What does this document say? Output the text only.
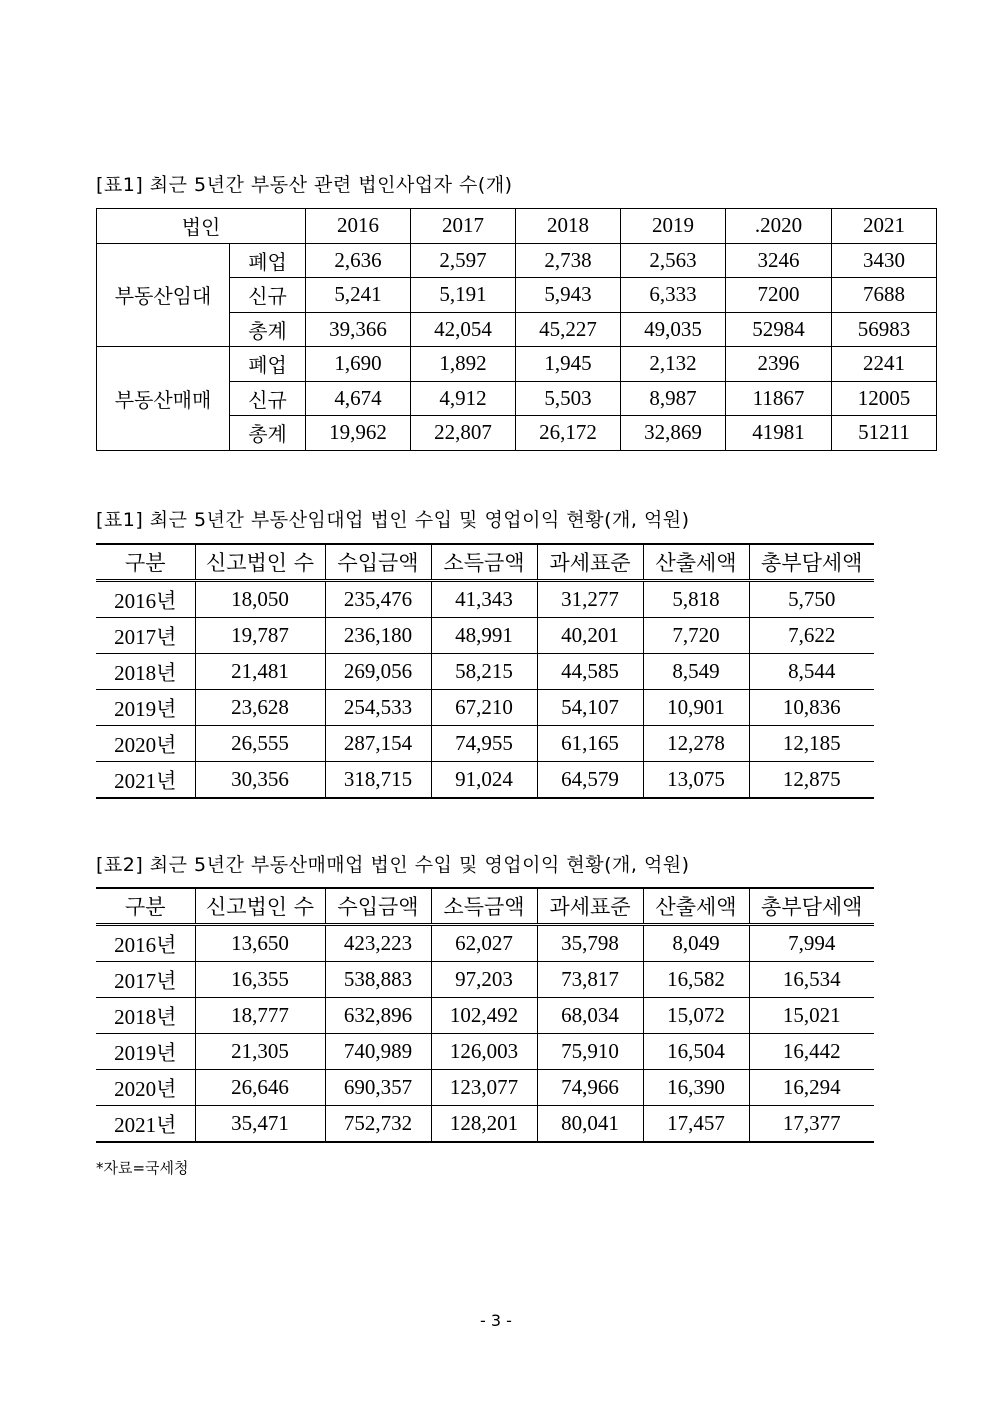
[표1] 최근 5년간 부동산 관련 법인사업자 수(개)
법인		2016	2017	2018	2019	.2020	2021
부동산임대	폐업	2,636	2,597	2,738	2,563	3246	3430
	신규	5,241	5,191	5,943	6,333	7200	7688
	총계	39,366	42,054	45,227	49,035	52984	56983
부동산매매	폐업	1,690	1,892	1,945	2,132	2396	2241
	신규	4,674	4,912	5,503	8,987	11867	12005
	총계	19,962	22,807	26,172	32,869	41981	51211
[표1] 최근 5년간 부동산임대업 법인 수입 및 영업이익 현황(개, 억원)
구분	신고법인 수	수입금액	소득금액	과세표준	산출세액	총부담세액
2016년	18,050	235,476	41,343	31,277	5,818	5,750
2017년	19,787	236,180	48,991	40,201	7,720	7,622
2018년	21,481	269,056	58,215	44,585	8,549	8,544
2019년	23,628	254,533	67,210	54,107	10,901	10,836
2020년	26,555	287,154	74,955	61,165	12,278	12,185
2021년	30,356	318,715	91,024	64,579	13,075	12,875
[표2] 최근 5년간 부동산매매업 법인 수입 및 영업이익 현황(개, 억원)
구분	신고법인 수	수입금액	소득금액	과세표준	산출세액	총부담세액
2016년	13,650	423,223	62,027	35,798	8,049	7,994
2017년	16,355	538,883	97,203	73,817	16,582	16,534
2018년	18,777	632,896	102,492	68,034	15,072	15,021
2019년	21,305	740,989	126,003	75,910	16,504	16,442
2020년	26,646	690,357	123,077	74,966	16,390	16,294
2021년	35,471	752,732	128,201	80,041	17,457	17,377
*자료=국세청
- 3 -
